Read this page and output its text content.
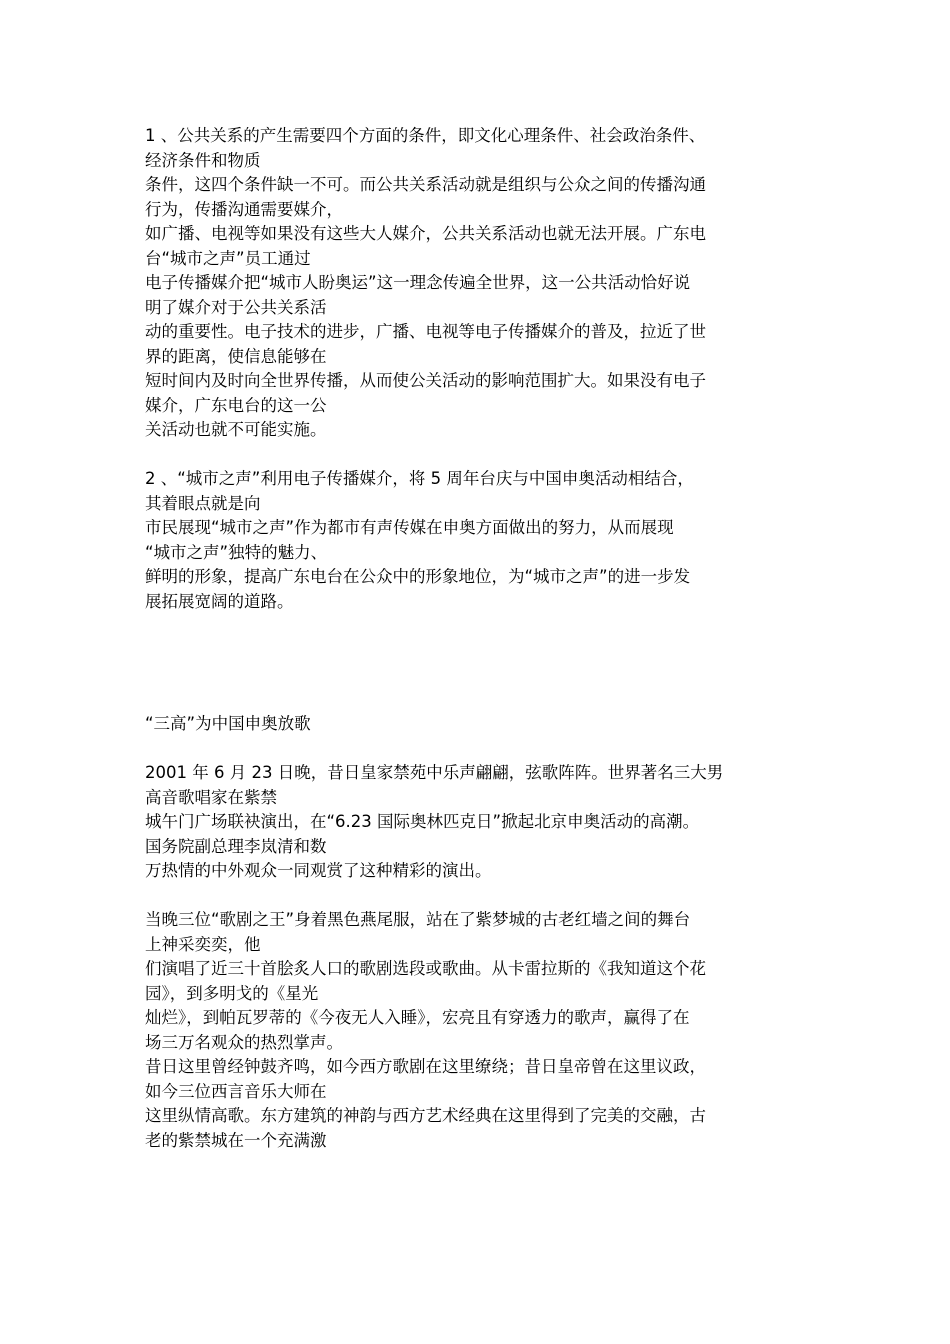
1 、公共关系的产生需要四个方面的条件，即文化心理条件、社会政治条件、
经济条件和物质
条件，这四个条件缺一不可。而公共关系活动就是组织与公众之间的传播沟通
行为，传播沟通需要媒介，
如广播、电视等如果没有这些大人媒介，公共关系活动也就无法开展。广东电
台“城市之声”员工通过
电子传播媒介把“城市人盼奥运”这一理念传遍全世界，这一公共活动恰好说
明了媒介对于公共关系活
动的重要性。电子技术的进步，广播、电视等电子传播媒介的普及，拉近了世
界的距离，使信息能够在
短时间内及时向全世界传播，从而使公关活动的影响范围扩大。如果没有电子
媒介，广东电台的这一公
关活动也就不可能实施。
2 、“城市之声”利用电子传播媒介，将 5 周年台庆与中国申奥活动相结合，
其着眼点就是向
市民展现“城市之声”作为都市有声传媒在申奥方面做出的努力，从而展现
“城市之声”独特的魅力、
鲜明的形象，提高广东电台在公众中的形象地位，为“城市之声”的进一步发
展拓展宽阔的道路。
“三高”为中国申奥放歌
2001 年 6 月 23 日晚，昔日皇家禁苑中乐声翩翩，弦歌阵阵。世界著名三大男
高音歌唱家在紫禁
城午门广场联袂演出，在“6.23 国际奥林匹克日”掀起北京申奥活动的高潮。
国务院副总理李岚清和数
万热情的中外观众一同观赏了这种精彩的演出。
当晚三位“歌剧之王”身着黑色燕尾服，站在了紫梦城的古老红墙之间的舞台
上神采奕奕，他
们演唱了近三十首脍炙人口的歌剧选段或歌曲。从卡雷拉斯的《我知道这个花
园》，到多明戈的《星光
灿烂》，到帕瓦罗蒂的《今夜无人入睡》，宏亮且有穿透力的歌声，赢得了在
场三万名观众的热烈掌声。
昔日这里曾经钟鼓齐鸣，如今西方歌剧在这里缭绕；昔日皇帝曾在这里议政，
如今三位西言音乐大师在
这里纵情高歌。东方建筑的神韵与西方艺术经典在这里得到了完美的交融，古
老的紫禁城在一个充满激
